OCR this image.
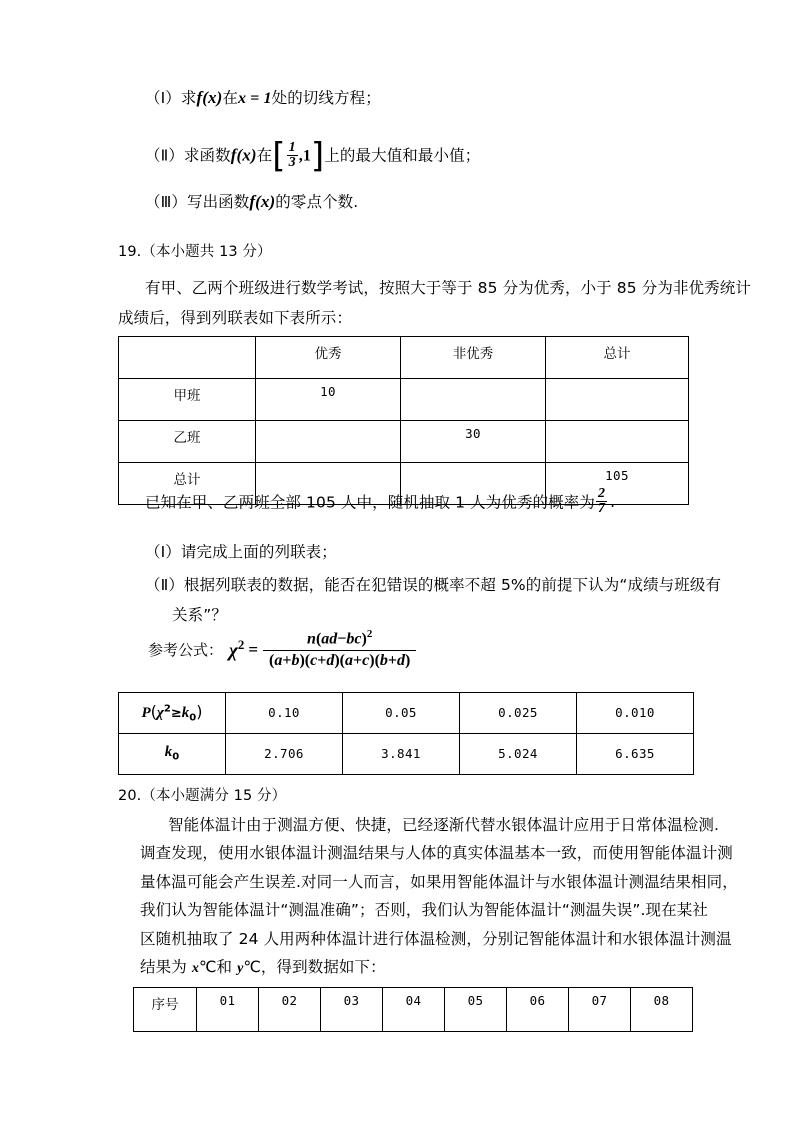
（Ⅰ）求f(x)在x = 1处的切线方程；
（Ⅱ）求函数f(x)在[ $\frac{1}{3} ,1$]上的最大值和最小值；
（Ⅲ）写出函数f(x)的零点个数.
19.（本小题共 13 分）
有甲、乙两个班级进行数学考试，按照大于等于 85 分为优秀，小于 85 分为非优秀统计
成绩后，得到列联表如下表所示：
	优秀	非优秀	总计
甲班	10		
乙班		30	
总计			105
已知在甲、乙两班全部 105 人中，随机抽取 1 人为优秀的概率为 $\frac{2}{7}$ .
（Ⅰ）请完成上面的列联表；
（Ⅱ）根据列联表的数据，能否在犯错误的概率不超 5%的前提下认为“成绩与班级有
关系”？
参考公式： $\chi^2 = \frac{n(ad-bc)^2}{(a+b)(c+d)(a+c)(b+d)}$
$P(\chi^2\ge k_0)$	0.10	0.05	0.025	0.010
$k_0$	2.706	3.841	5.024	6.635
20.（本小题满分 15 分）
智能体温计由于测温方便、快捷，已经逐渐代替水银体温计应用于日常体温检测.
调查发现，使用水银体温计测温结果与人体的真实体温基本一致，而使用智能体温计测
量体温可能会产生误差.对同一人而言，如果用智能体温计与水银体温计测温结果相同，
我们认为智能体温计“测温准确”；否则，我们认为智能体温计“测温失误”.现在某社
区随机抽取了 24 人用两种体温计进行体温检测，分别记智能体温计和水银体温计测温
结果为 x℃和 y℃，得到数据如下：
序号	01	02	03	04	05	06	07	08
